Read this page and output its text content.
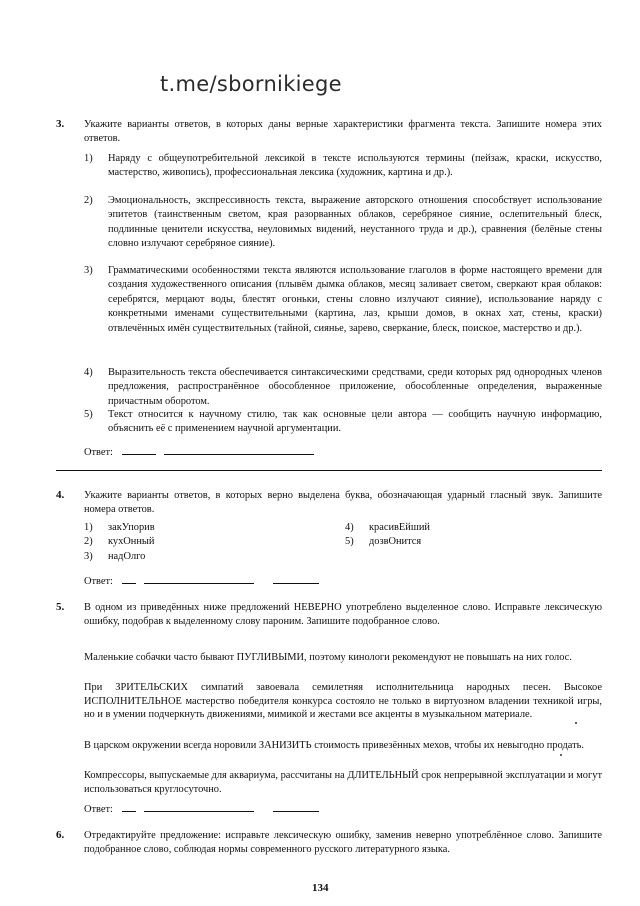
t.me/sbornikiege
3. Укажите варианты ответов, в которых даны верные характеристики фрагмента текста. Запишите номера этих ответов.
1)	Наряду с общеупотребительной лексикой в тексте используются термины (пейзаж, краски, искусство, мастерство, живопись), профессиональная лексика (художник, картина и др.).
2)	Эмоциональность, экспрессивность текста, выражение авторского отношения способствует использование эпитетов (таинственным светом, края разорванных облаков, серебряное сияние, ослепительный блеск, подлинные ценители искусства, неуловимых видений, неустанного труда и др.), сравнения (белёные стены словно излучают серебряное сияние).
3)	Грамматическими особенностями текста являются использование глаголов в форме настоящего времени для создания художественного описания (плывём дымка облаков, месяц заливает светом, сверкают края облаков: серебрятся, мерцают воды, блестят огоньки, стены словно излучают сияние), использование наряду с конкретными именами существительными (картина, лаз, крыши домов, в окнах хат, стены, краски) отвлечённых имён существительных (тайной, сиянье, зарево, сверкание, блеск, поиское, мастерство и др.).
4)	Выразительность текста обеспечивается синтаксическими средствами, среди которых ряд однородных членов предложения, распространённое обособленное приложение, обособленные определения, выраженные причастным оборотом.
5)	Текст относится к научному стилю, так как основные цели автора — сообщить научную информацию, объяснить её с применением научной аргументации.
Ответ:
4. Укажите варианты ответов, в которых верно выделена буква, обозначающая ударный гласный звук. Запишите номера ответов.
1) закУпорив
2) кухОнный
3) надОлго
4) красивЕйший
5) дозвОнится
Ответ:
5. В одном из приведённых ниже предложений НЕВЕРНО употреблено выделенное слово. Исправьте лексическую ошибку, подобрав к выделенному слову пароним. Запишите подобранное слово.
Маленькие собачки часто бывают ПУГЛИВЫМИ, поэтому кинологи рекомендуют не повышать на них голос.
При ЗРИТЕЛЬСКИХ симпатий завоевала семилетняя исполнительница народных песен. Высокое ИСПОЛНИТЕЛЬНОЕ мастерство победителя конкурса состояло не только в виртуозном владении техникой игры, но и в умении подчеркнуть движениями, мимикой и жестами все акценты в музыкальном материале.
В царском окружении всегда норовили ЗАНИЗИТЬ стоимость привезённых мехов, чтобы их невыгодно продать.
Компрессоры, выпускаемые для аквариума, рассчитаны на ДЛИТЕЛЬНЫЙ срок непрерывной эксплуатации и могут использоваться круглосуточно.
Ответ:
6. Отредактируйте предложение: исправьте лексическую ошибку, заменив неверно употреблённое слово. Запишите подобранное слово, соблюдая нормы современного русского литературного языка.
134
